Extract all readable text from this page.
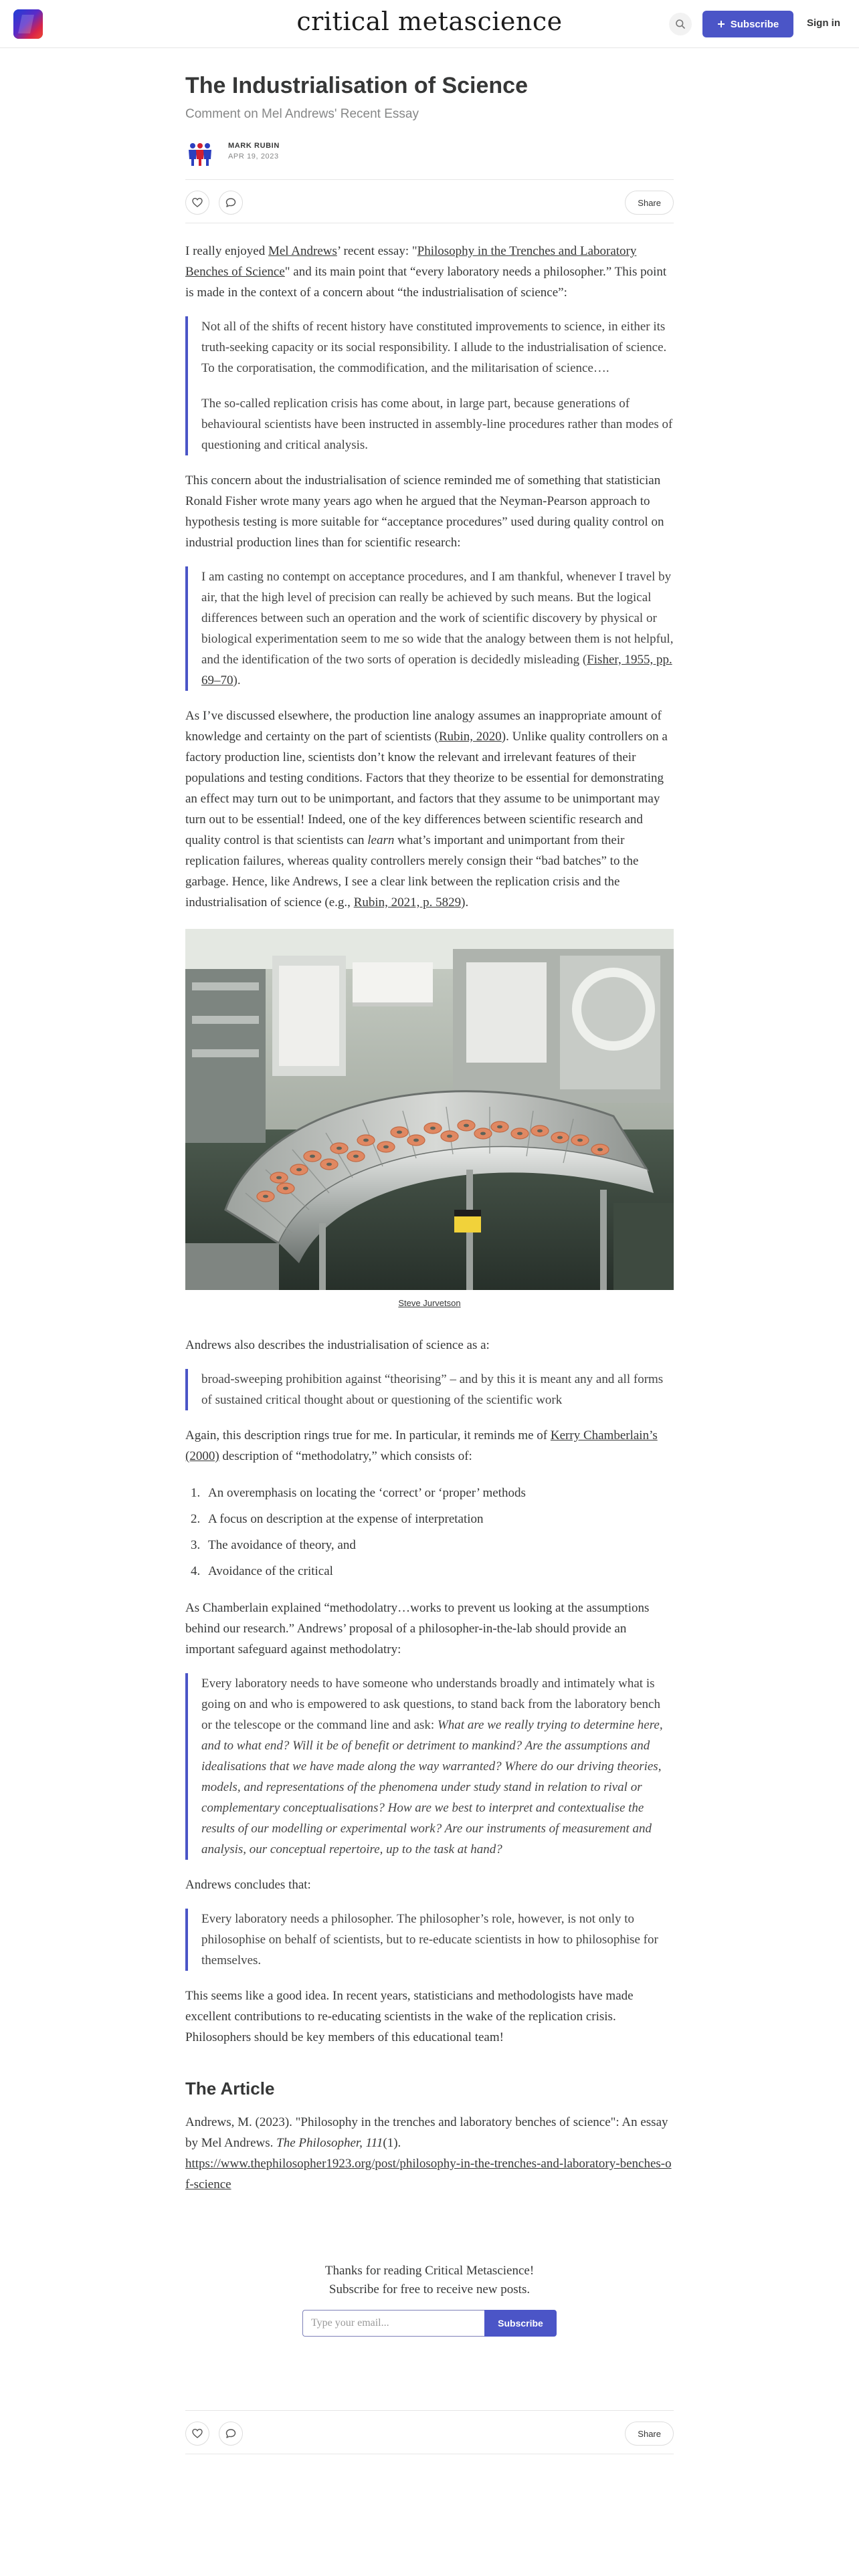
critical metascience	Subscribe	Sign in
The Industrialisation of Science
Comment on Mel Andrews' Recent Essay
MARK RUBIN
APR 19, 2023
Share

I really enjoyed Mel Andrews’ recent essay: "Philosophy in the Trenches and Laboratory Benches of Science" and its main point that “every laboratory needs a philosopher.” This point is made in the context of a concern about “the industrialisation of science”:

Not all of the shifts of recent history have constituted improvements to science, in either its truth-seeking capacity or its social responsibility. I allude to the industrialisation of science. To the corporatisation, the commodification, and the militarisation of science….

The so-called replication crisis has come about, in large part, because generations of behavioural scientists have been instructed in assembly-line procedures rather than modes of questioning and critical analysis.

This concern about the industrialisation of science reminded me of something that statistician Ronald Fisher wrote many years ago when he argued that the Neyman-Pearson approach to hypothesis testing is more suitable for “acceptance procedures” used during quality control on industrial production lines than for scientific research:

I am casting no contempt on acceptance procedures, and I am thankful, whenever I travel by air, that the high level of precision can really be achieved by such means. But the logical differences between such an operation and the work of scientific discovery by physical or biological experimentation seem to me so wide that the analogy between them is not helpful, and the identification of the two sorts of operation is decidedly misleading (Fisher, 1955, pp. 69–70).

As I’ve discussed elsewhere, the production line analogy assumes an inappropriate amount of knowledge and certainty on the part of scientists (Rubin, 2020). Unlike quality controllers on a factory production line, scientists don’t know the relevant and irrelevant features of their populations and testing conditions. Factors that they theorize to be essential for demonstrating an effect may turn out to be unimportant, and factors that they assume to be unimportant may turn out to be essential! Indeed, one of the key differences between scientific research and quality control is that scientists can learn what’s important and unimportant from their replication failures, whereas quality controllers merely consign their “bad batches” to the garbage. Hence, like Andrews, I see a clear link between the replication crisis and the industrialisation of science (e.g., Rubin, 2021, p. 5829).

Steve Jurvetson

Andrews also describes the industrialisation of science as a:

broad-sweeping prohibition against “theorising” – and by this it is meant any and all forms of sustained critical thought about or questioning of the scientific work

Again, this description rings true for me. In particular, it reminds me of Kerry Chamberlain’s (2000) description of “methodolatry,” which consists of:

1. An overemphasis on locating the ‘correct’ or ‘proper’ methods
2. A focus on description at the expense of interpretation
3. The avoidance of theory, and
4. Avoidance of the critical

As Chamberlain explained “methodolatry…works to prevent us looking at the assumptions behind our research.” Andrews’ proposal of a philosopher-in-the-lab should provide an important safeguard against methodolatry:

Every laboratory needs to have someone who understands broadly and intimately what is going on and who is empowered to ask questions, to stand back from the laboratory bench or the telescope or the command line and ask: What are we really trying to determine here, and to what end? Will it be of benefit or detriment to mankind? Are the assumptions and idealisations that we have made along the way warranted? Where do our driving theories, models, and representations of the phenomena under study stand in relation to rival or complementary conceptualisations? How are we best to interpret and contextualise the results of our modelling or experimental work? Are our instruments of measurement and analysis, our conceptual repertoire, up to the task at hand?

Andrews concludes that:

Every laboratory needs a philosopher. The philosopher’s role, however, is not only to philosophise on behalf of scientists, but to re-educate scientists in how to philosophise for themselves.

This seems like a good idea. In recent years, statisticians and methodologists have made excellent contributions to re-educating scientists in the wake of the replication crisis. Philosophers should be key members of this educational team!

The Article

Andrews, M. (2023). "Philosophy in the trenches and laboratory benches of science": An essay by Mel Andrews. The Philosopher, 111(1).
https://www.thephilosopher1923.org/post/philosophy-in-the-trenches-and-laboratory-benches-of-science

Thanks for reading Critical Metascience!
Subscribe for free to receive new posts.
Type your email...
Subscribe
Share
